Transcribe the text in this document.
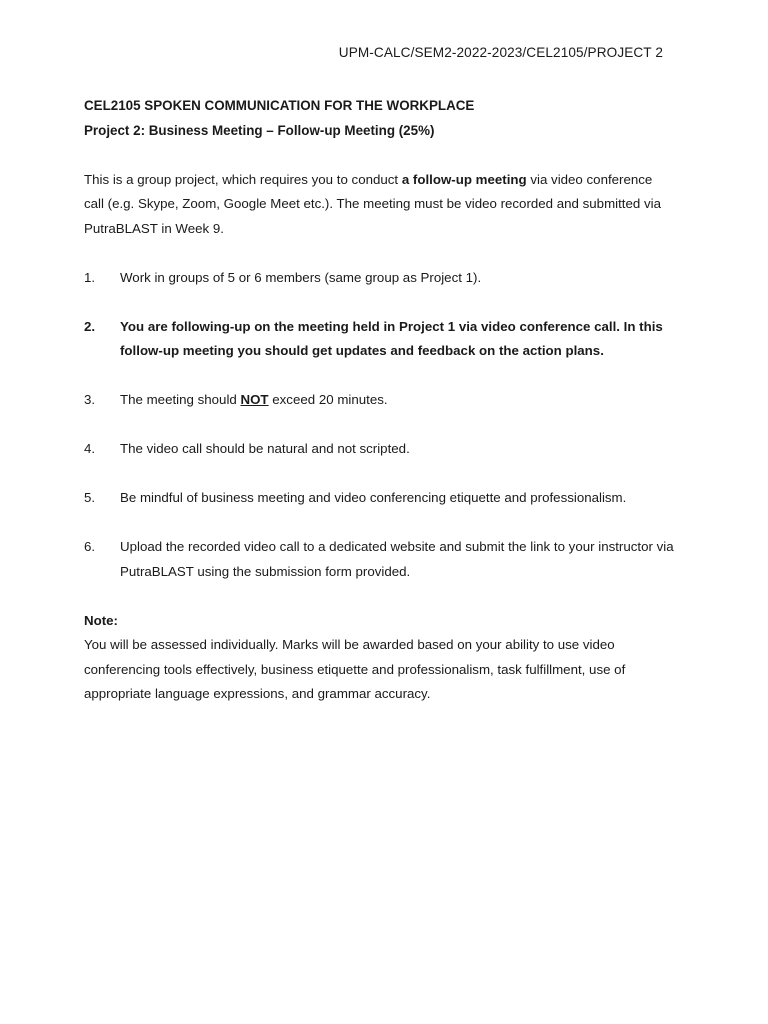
UPM-CALC/SEM2-2022-2023/CEL2105/PROJECT 2
CEL2105 SPOKEN COMMUNICATION FOR THE WORKPLACE
Project 2: Business Meeting – Follow-up Meeting (25%)
This is a group project, which requires you to conduct a follow-up meeting via video conference call (e.g. Skype, Zoom, Google Meet etc.). The meeting must be video recorded and submitted via PutraBLAST in Week 9.
1.	Work in groups of 5 or 6 members (same group as Project 1).
2.	You are following-up on the meeting held in Project 1 via video conference call. In this follow-up meeting you should get updates and feedback on the action plans.
3.	The meeting should NOT exceed 20 minutes.
4.	The video call should be natural and not scripted.
5.	Be mindful of business meeting and video conferencing etiquette and professionalism.
6.	Upload the recorded video call to a dedicated website and submit the link to your instructor via PutraBLAST using the submission form provided.
Note:
You will be assessed individually. Marks will be awarded based on your ability to use video conferencing tools effectively, business etiquette and professionalism, task fulfillment, use of appropriate language expressions, and grammar accuracy.
